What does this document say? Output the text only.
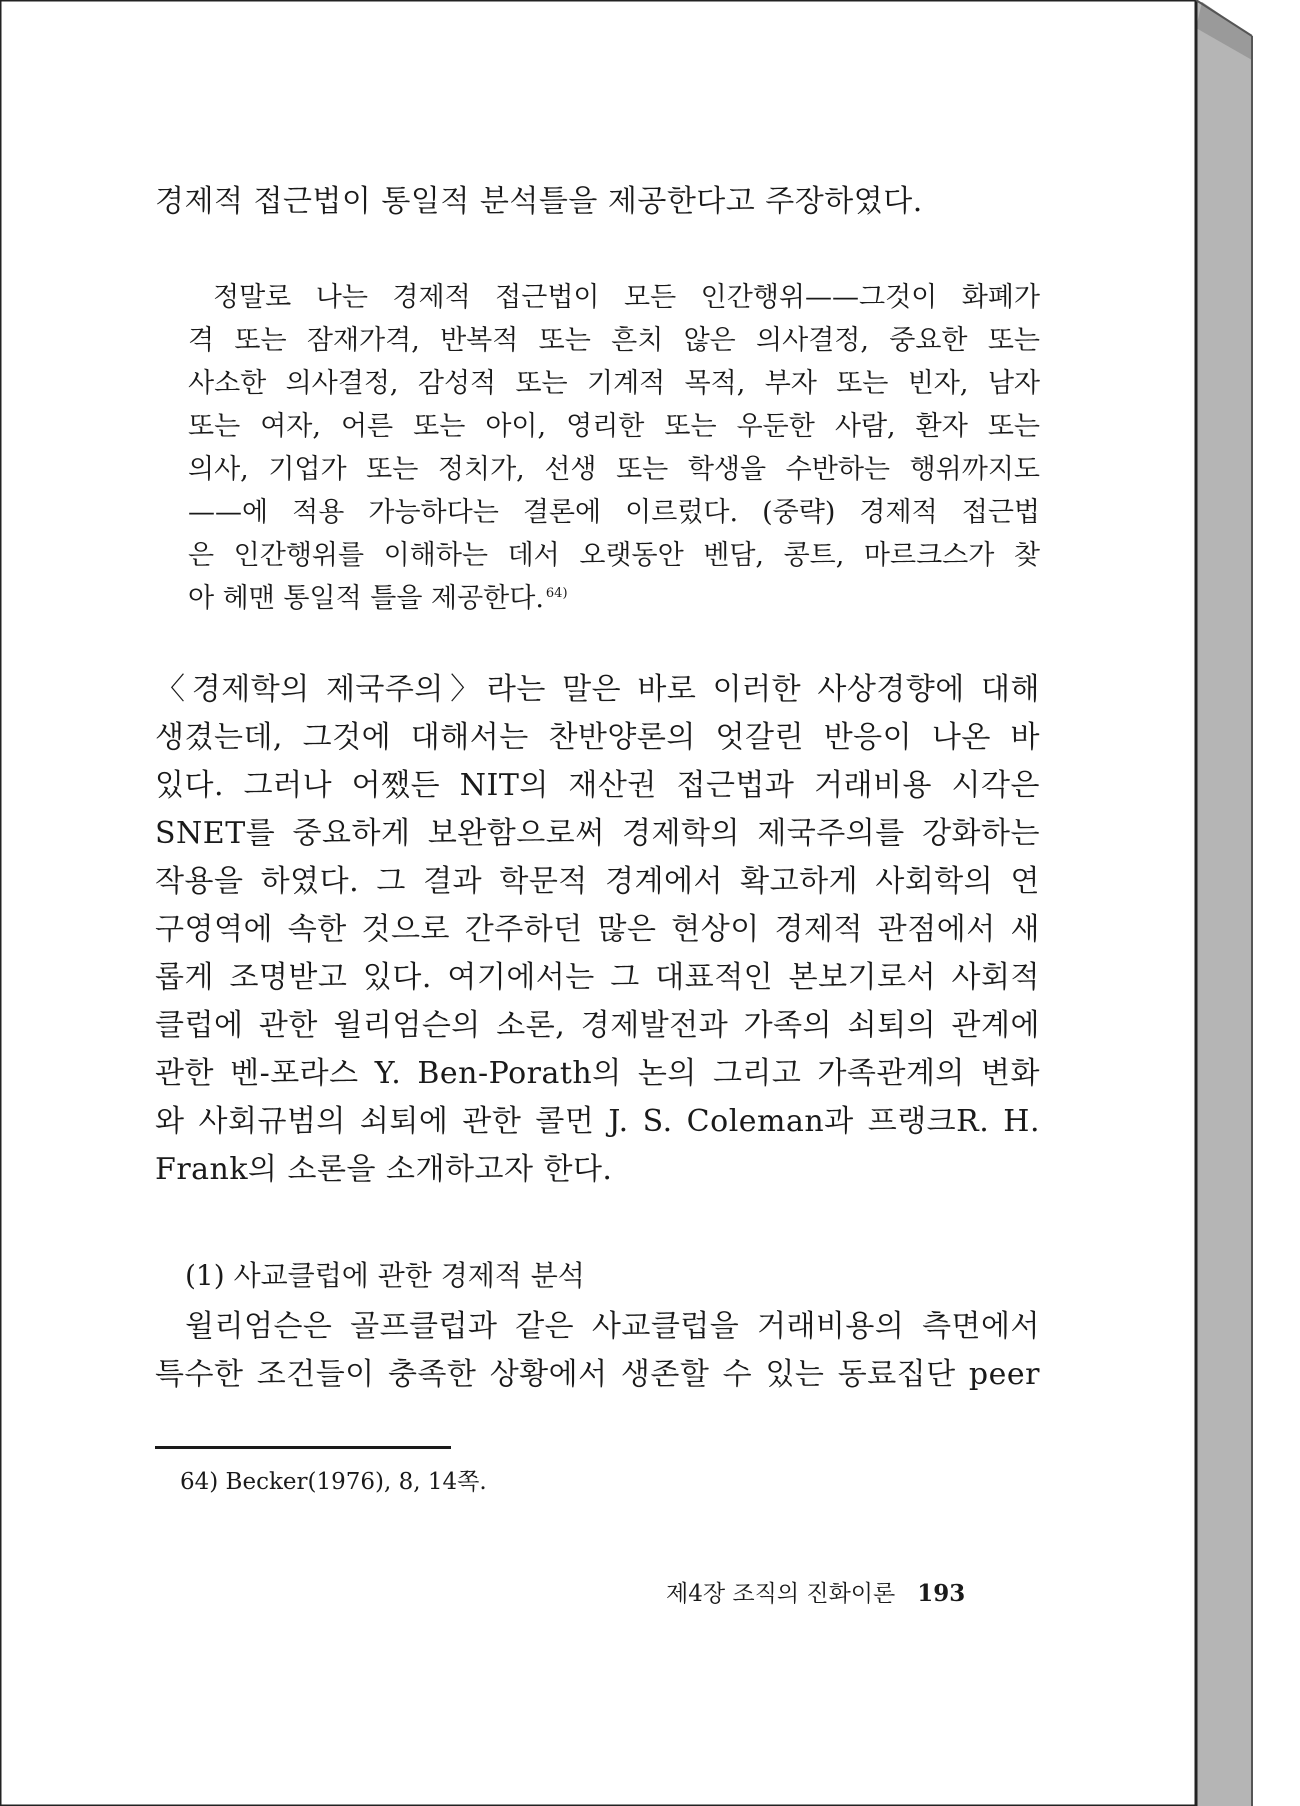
경제적 접근법이 통일적 분석틀을 제공한다고 주장하였다.
정말로 나는 경제적 접근법이 모든 인간행위——그것이 화폐가
격 또는 잠재가격, 반복적 또는 흔치 않은 의사결정, 중요한 또는
사소한 의사결정, 감성적 또는 기계적 목적, 부자 또는 빈자, 남자
또는 여자, 어른 또는 아이, 영리한 또는 우둔한 사람, 환자 또는
의사, 기업가 또는 정치가, 선생 또는 학생을 수반하는 행위까지도
——에 적용 가능하다는 결론에 이르렀다. (중략) 경제적 접근법
은 인간행위를 이해하는 데서 오랫동안 벤담, 콩트, 마르크스가 찾
아 헤맨 통일적 틀을 제공한다. $^{64)}$
〈경제학의 제국주의〉라는 말은 바로 이러한 사상경향에 대해
생겼는데, 그것에 대해서는 찬반양론의 엇갈린 반응이 나온 바
있다. 그러나 어쨌든 NIT의 재산권 접근법과 거래비용 시각은
SNET를 중요하게 보완함으로써 경제학의 제국주의를 강화하는
작용을 하였다. 그 결과 학문적 경계에서 확고하게 사회학의 연
구영역에 속한 것으로 간주하던 많은 현상이 경제적 관점에서 새
롭게 조명받고 있다. 여기에서는 그 대표적인 본보기로서 사회적
클럽에 관한 윌리엄슨의 소론, 경제발전과 가족의 쇠퇴의 관계에
관한 벤-포라스 Y. Ben-Porath의 논의 그리고 가족관계의 변화
와 사회규범의 쇠퇴에 관한 콜먼 J. S. Coleman과 프랭크R. H.
Frank의 소론을 소개하고자 한다.
(1) 사교클럽에 관한 경제적 분석
윌리엄슨은 골프클럽과 같은 사교클럽을 거래비용의 측면에서
특수한 조건들이 충족한 상황에서 생존할 수 있는 동료집단 peer
64) Becker(1976), 8, 14쪽.
제4장 조직의 진화이론 193
